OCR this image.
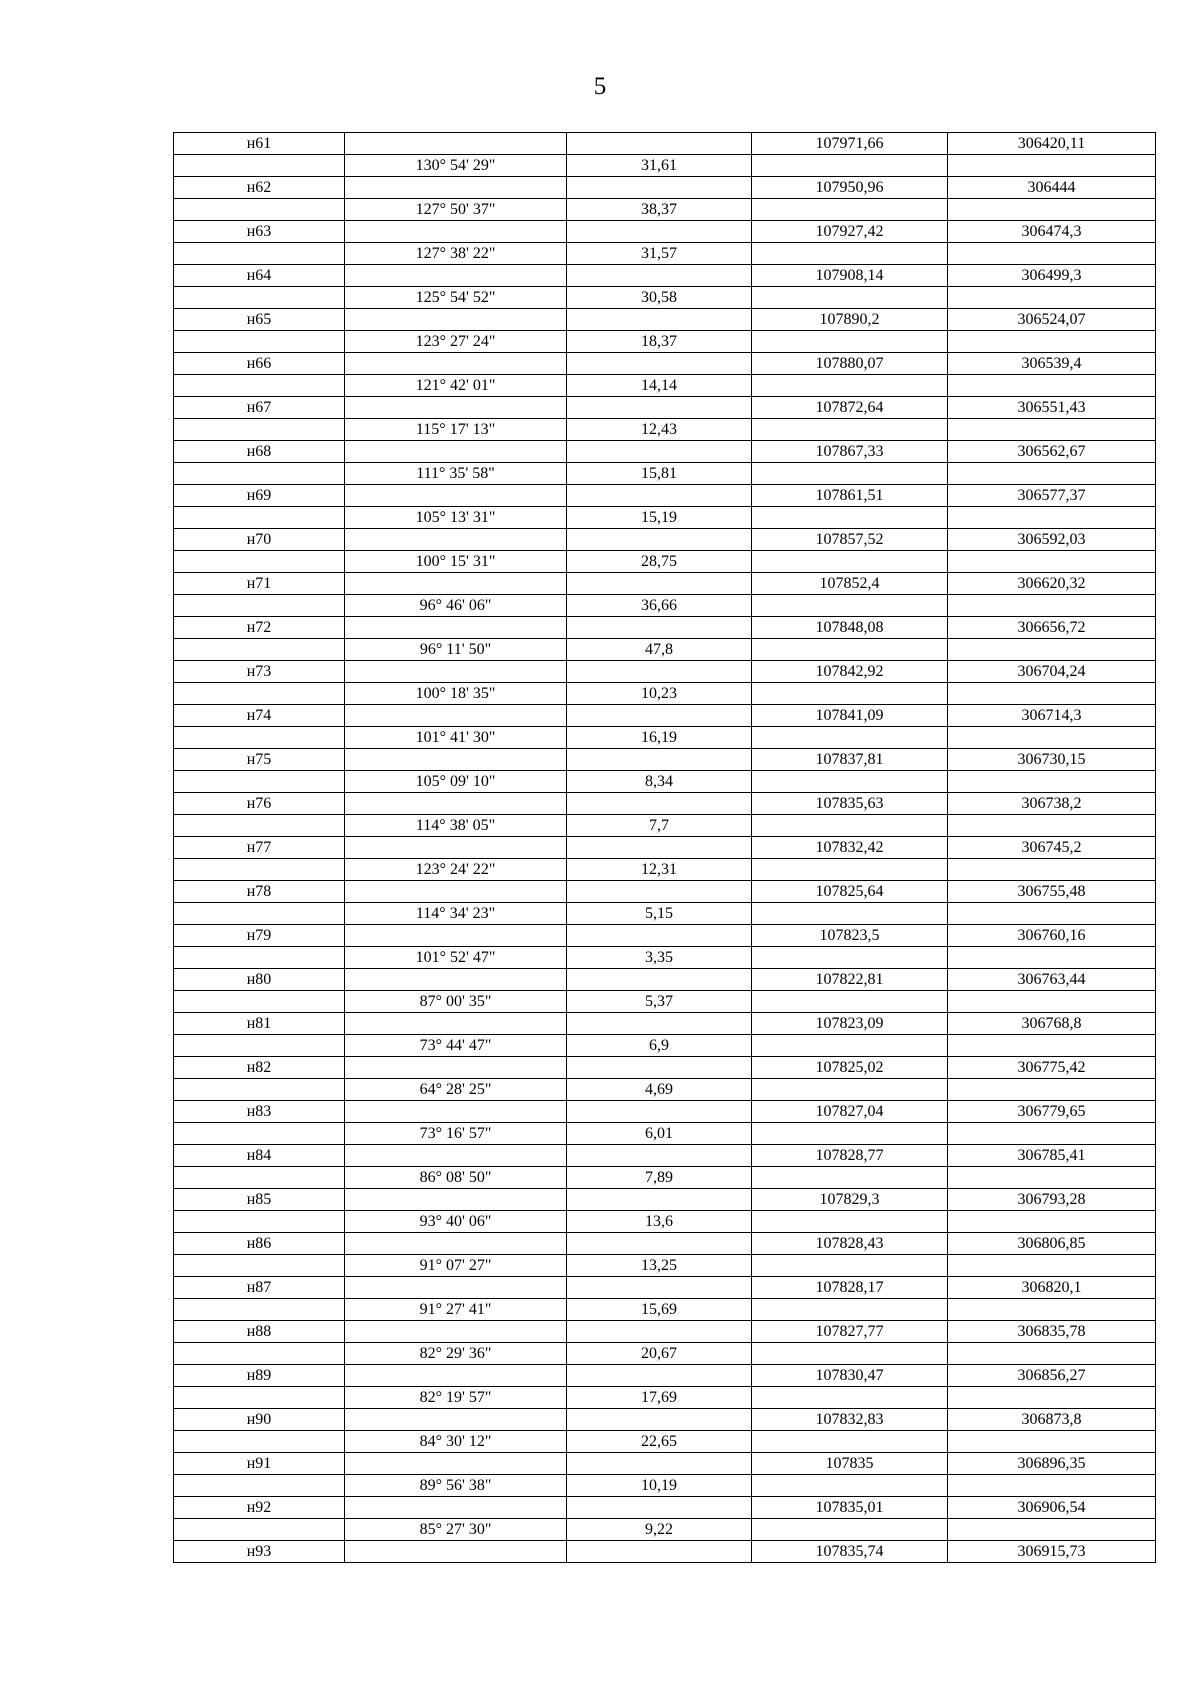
5
н61			107971,66	306420,11
	130° 54' 29"	31,61		
н62			107950,96	306444
	127° 50' 37"	38,37		
н63			107927,42	306474,3
	127° 38' 22"	31,57		
н64			107908,14	306499,3
	125° 54' 52"	30,58		
н65			107890,2	306524,07
	123° 27' 24"	18,37		
н66			107880,07	306539,4
	121° 42' 01"	14,14		
н67			107872,64	306551,43
	115° 17' 13"	12,43		
н68			107867,33	306562,67
	111° 35' 58"	15,81		
н69			107861,51	306577,37
	105° 13' 31"	15,19		
н70			107857,52	306592,03
	100° 15' 31"	28,75		
н71			107852,4	306620,32
	96° 46' 06"	36,66		
н72			107848,08	306656,72
	96° 11' 50"	47,8		
н73			107842,92	306704,24
	100° 18' 35"	10,23		
н74			107841,09	306714,3
	101° 41' 30"	16,19		
н75			107837,81	306730,15
	105° 09' 10"	8,34		
н76			107835,63	306738,2
	114° 38' 05"	7,7		
н77			107832,42	306745,2
	123° 24' 22"	12,31		
н78			107825,64	306755,48
	114° 34' 23"	5,15		
н79			107823,5	306760,16
	101° 52' 47"	3,35		
н80			107822,81	306763,44
	87° 00' 35"	5,37		
н81			107823,09	306768,8
	73° 44' 47"	6,9		
н82			107825,02	306775,42
	64° 28' 25"	4,69		
н83			107827,04	306779,65
	73° 16' 57"	6,01		
н84			107828,77	306785,41
	86° 08' 50"	7,89		
н85			107829,3	306793,28
	93° 40' 06"	13,6		
н86			107828,43	306806,85
	91° 07' 27"	13,25		
н87			107828,17	306820,1
	91° 27' 41"	15,69		
н88			107827,77	306835,78
	82° 29' 36"	20,67		
н89			107830,47	306856,27
	82° 19' 57"	17,69		
н90			107832,83	306873,8
	84° 30' 12"	22,65		
н91			107835	306896,35
	89° 56' 38"	10,19		
н92			107835,01	306906,54
	85° 27' 30"	9,22		
н93			107835,74	306915,73
